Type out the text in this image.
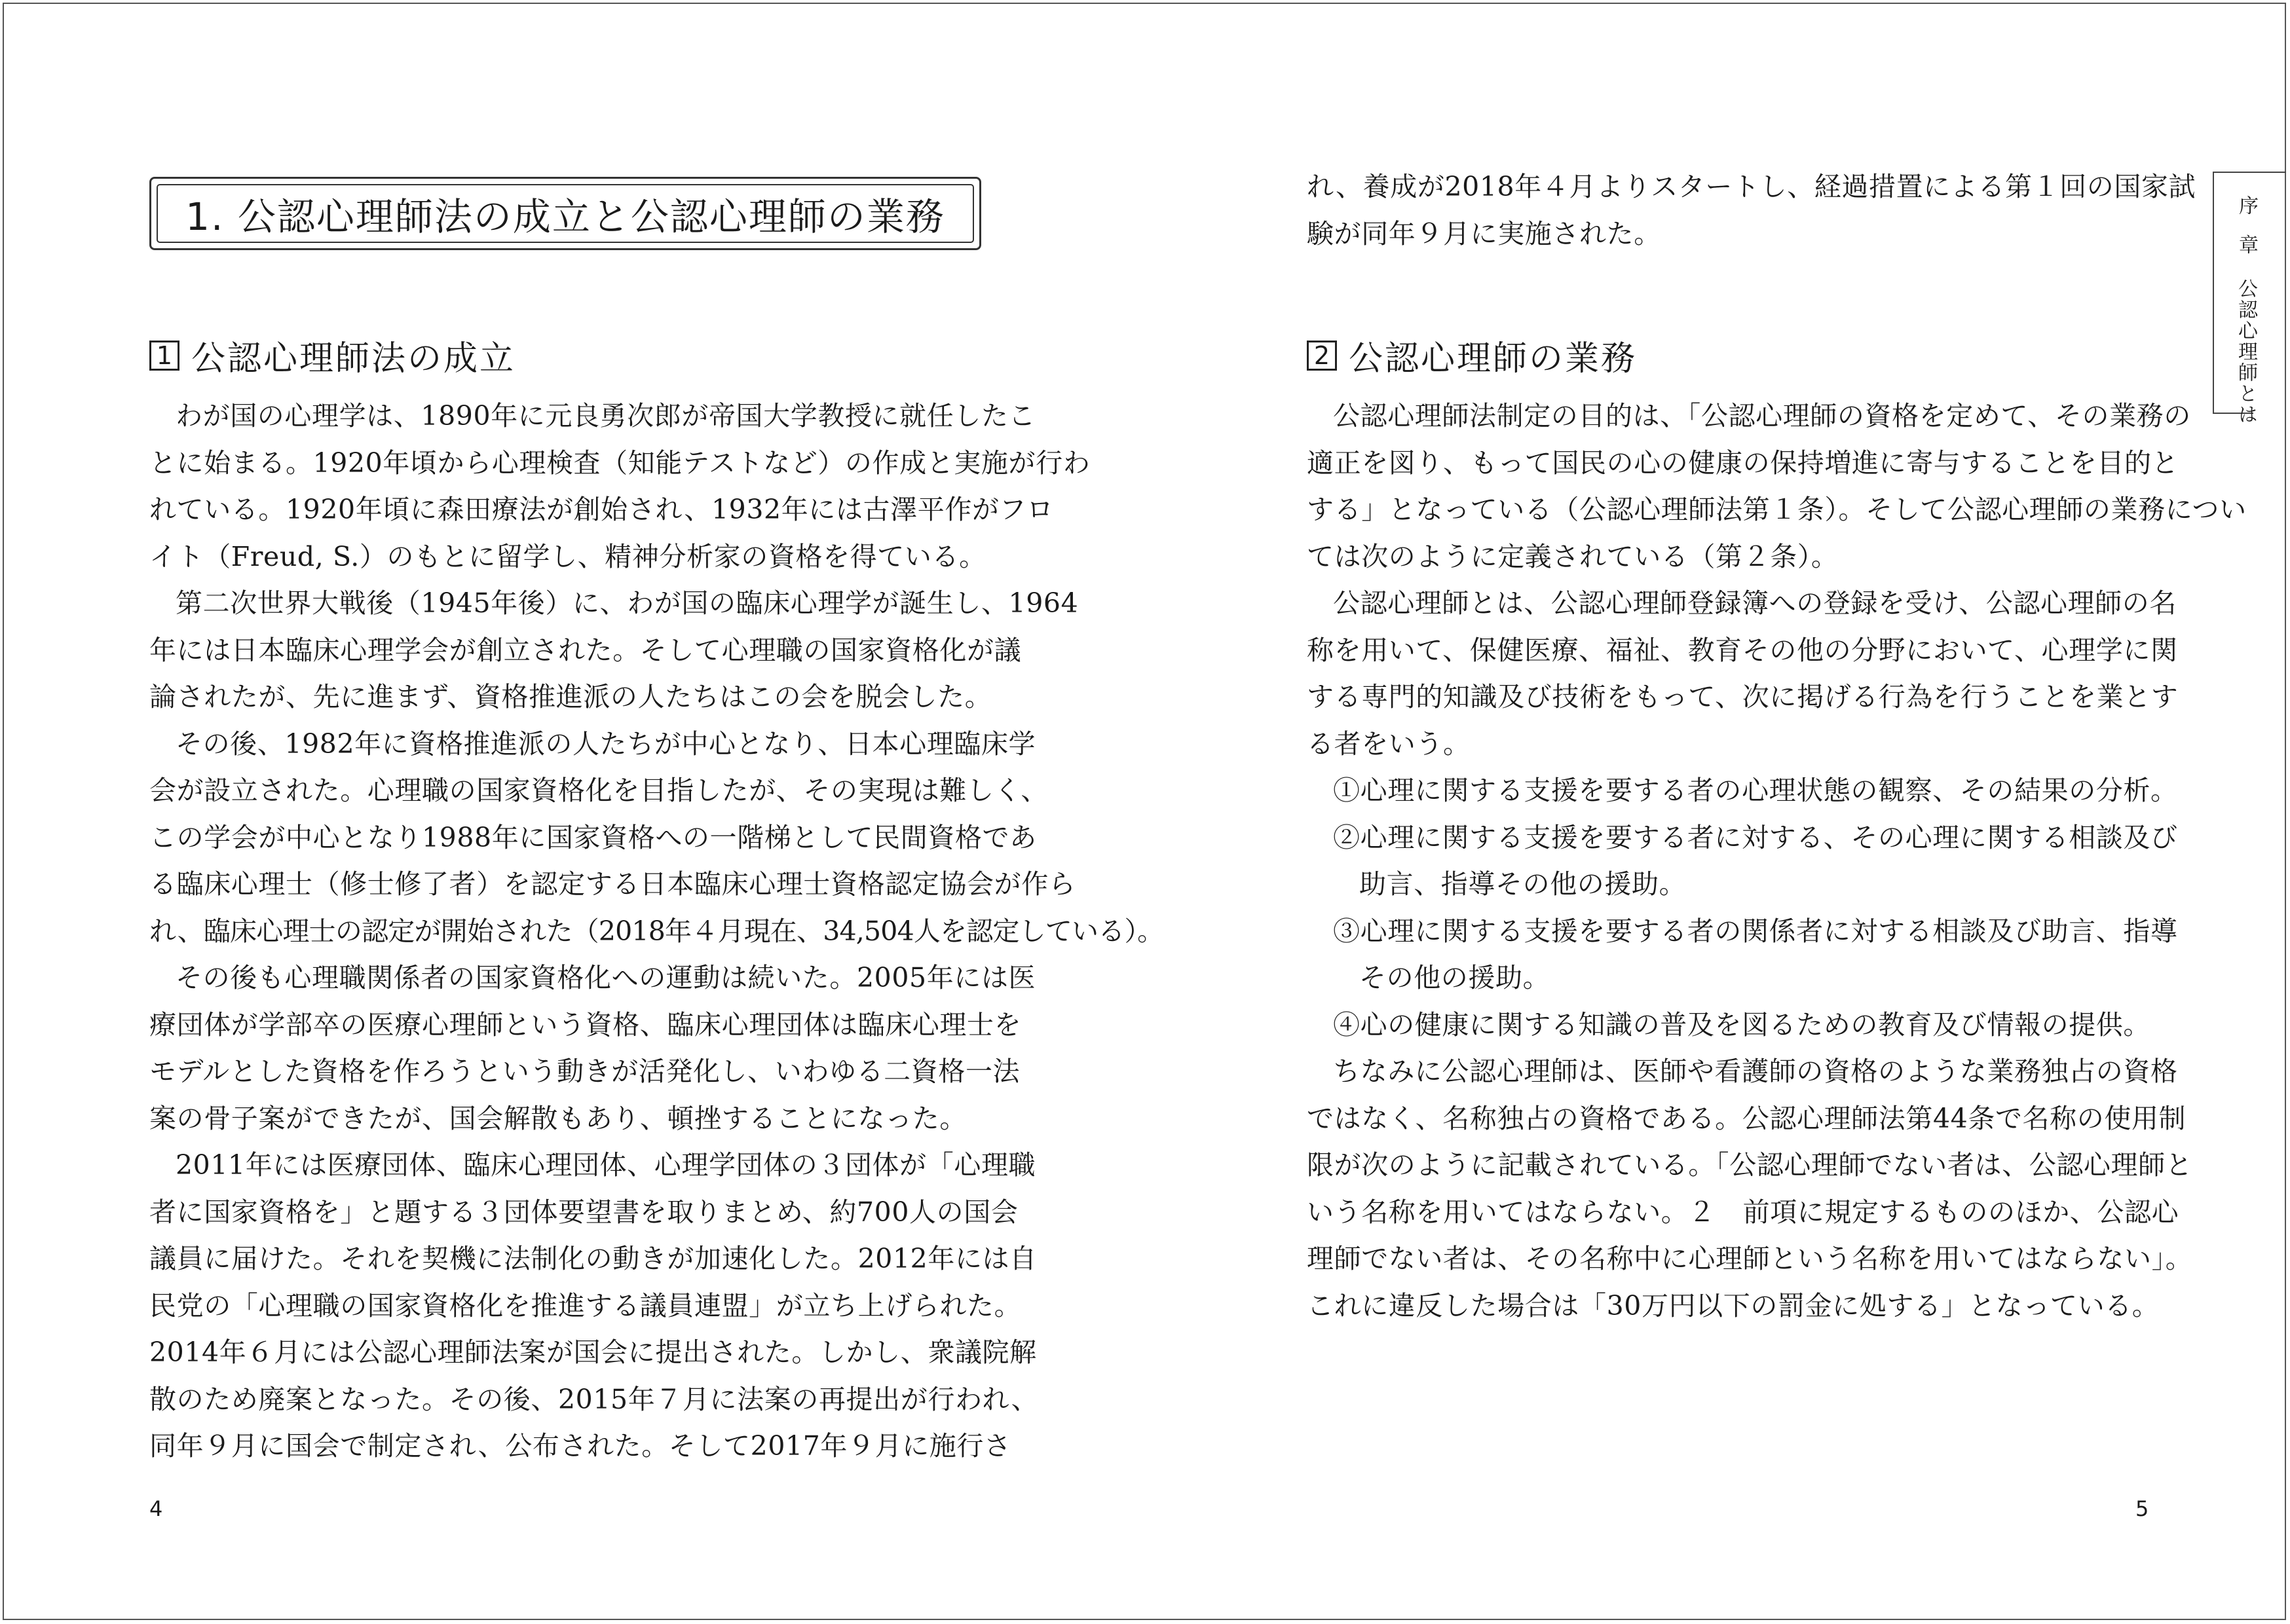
1. 公認心理師法の成立と公認心理師の業務
1 公認心理師法の成立
わが国の心理学は、1890年に元良勇次郎が帝国大学教授に就任したこ
とに始まる。1920年頃から心理検査（知能テストなど）の作成と実施が行わ
れている。1920年頃に森田療法が創始され、1932年には古澤平作がフロ
イト（Freud, S.）のもとに留学し、精神分析家の資格を得ている。
第二次世界大戦後（1945年後）に、わが国の臨床心理学が誕生し、1964
年には日本臨床心理学会が創立された。そして心理職の国家資格化が議
論されたが、先に進まず、資格推進派の人たちはこの会を脱会した。
その後、1982年に資格推進派の人たちが中心となり、日本心理臨床学
会が設立された。心理職の国家資格化を目指したが、その実現は難しく、
この学会が中心となり1988年に国家資格への一階梯として民間資格であ
る臨床心理士（修士修了者）を認定する日本臨床心理士資格認定協会が作ら
れ、臨床心理士の認定が開始された（2018年４月現在、34,504人を認定している）。
その後も心理職関係者の国家資格化への運動は続いた。2005年には医
療団体が学部卒の医療心理師という資格、臨床心理団体は臨床心理士を
モデルとした資格を作ろうという動きが活発化し、いわゆる二資格一法
案の骨子案ができたが、国会解散もあり、頓挫することになった。
2011年には医療団体、臨床心理団体、心理学団体の３団体が「心理職
者に国家資格を」と題する３団体要望書を取りまとめ、約700人の国会
議員に届けた。それを契機に法制化の動きが加速化した。2012年には自
民党の「心理職の国家資格化を推進する議員連盟」が立ち上げられた。
2014年６月には公認心理師法案が国会に提出された。しかし、衆議院解
散のため廃案となった。その後、2015年７月に法案の再提出が行われ、
同年９月に国会で制定され、公布された。そして2017年９月に施行さ
4
れ、養成が2018年４月よりスタートし、経過措置による第１回の国家試
験が同年９月に実施された。
2 公認心理師の業務
公認心理師法制定の目的は、「公認心理師の資格を定めて、その業務の
適正を図り、もって国民の心の健康の保持増進に寄与することを目的と
する」となっている（公認心理師法第１条）。そして公認心理師の業務につい
ては次のように定義されている（第２条）。
公認心理師とは、公認心理師登録簿への登録を受け、公認心理師の名
称を用いて、保健医療、福祉、教育その他の分野において、心理学に関
する専門的知識及び技術をもって、次に掲げる行為を行うことを業とす
る者をいう。
①心理に関する支援を要する者の心理状態の観察、その結果の分析。
②心理に関する支援を要する者に対する、その心理に関する相談及び
助言、指導その他の援助。
③心理に関する支援を要する者の関係者に対する相談及び助言、指導
その他の援助。
④心の健康に関する知識の普及を図るための教育及び情報の提供。
ちなみに公認心理師は、医師や看護師の資格のような業務独占の資格
ではなく、名称独占の資格である。公認心理師法第44条で名称の使用制
限が次のように記載されている。「公認心理師でない者は、公認心理師と
いう名称を用いてはならない。２　前項に規定するもののほか、公認心
理師でない者は、その名称中に心理師という名称を用いてはならない」。
これに違反した場合は「30万円以下の罰金に処する」となっている。
5
序　章
公認心理師とは
